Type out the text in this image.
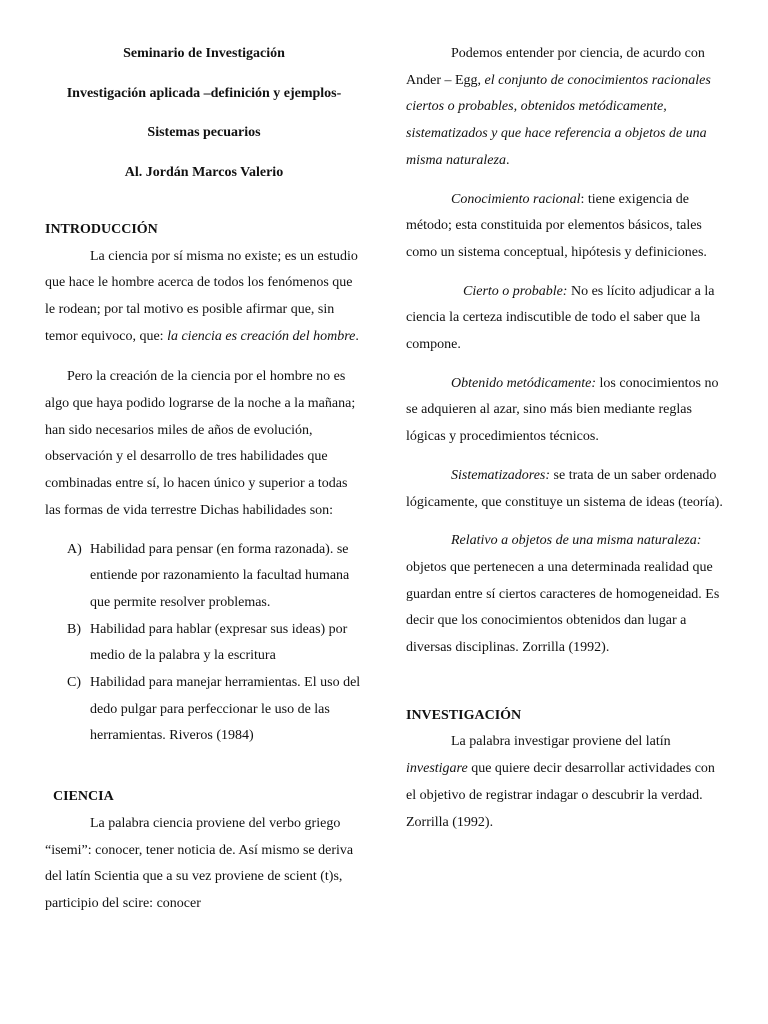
Seminario de Investigación

Investigación aplicada –definición y ejemplos-

Sistemas pecuarios

Al. Jordán Marcos Valerio

INTRODUCCIÓN

La ciencia por sí misma no existe; es un estudio que hace le hombre acerca de todos los fenómenos que le rodean; por tal motivo es posible afirmar que, sin temor equivoco, que: la ciencia es creación del hombre.

Pero la creación de la ciencia por el hombre no es algo que haya podido lograrse de la noche a la mañana; han sido necesarios miles de años de evolución, observación y el desarrollo de tres habilidades que combinadas entre sí, lo hacen único y superior a todas las formas de vida terrestre Dichas habilidades son:

A) Habilidad para pensar (en forma razonada). se entiende por razonamiento la facultad humana que permite resolver problemas.
B) Habilidad para hablar (expresar sus ideas) por medio de la palabra y la escritura
C) Habilidad para manejar herramientas. El uso del dedo pulgar para perfeccionar le uso de las herramientas. Riveros (1984)

CIENCIA

La palabra ciencia proviene del verbo griego “isemi”: conocer, tener noticia de. Así mismo se deriva del latín Scientia que a su vez proviene de scient (t)s, participio del scire: conocer

Podemos entender por ciencia, de acurdo con Ander – Egg, el conjunto de conocimientos racionales ciertos o probables, obtenidos metódicamente, sistematizados y que hace referencia a objetos de una misma naturaleza.

Conocimiento racional: tiene exigencia de método; esta constituida por elementos básicos, tales como un sistema conceptual, hipótesis y definiciones.

Cierto o probable: No es lícito adjudicar a la ciencia la certeza indiscutible de todo el saber que la compone.

Obtenido metódicamente: los conocimientos no se adquieren al azar, sino más bien mediante reglas lógicas y procedimientos técnicos.

Sistematizadores: se trata de un saber ordenado lógicamente, que constituye un sistema de ideas (teoría).

Relativo a objetos de una misma naturaleza: objetos que pertenecen a una determinada realidad que guardan entre sí ciertos caracteres de homogeneidad. Es decir que los conocimientos obtenidos dan lugar a diversas disciplinas. Zorrilla (1992).

INVESTIGACIÓN

La palabra investigar proviene del latín investigare que quiere decir desarrollar actividades con el objetivo de registrar indagar o descubrir la verdad. Zorrilla (1992).
